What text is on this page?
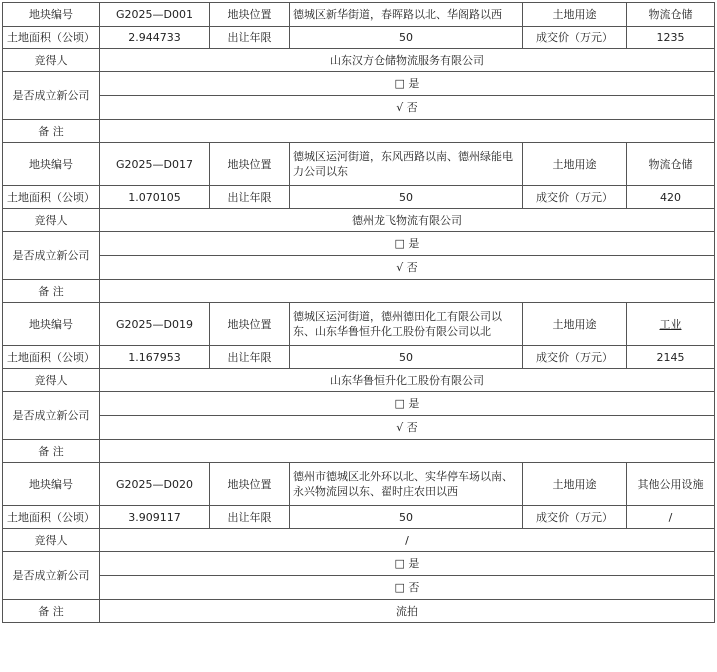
地块编号	G2025—D001	地块位置	德城区新华街道，春晖路以北、华阁路以西	土地用途	物流仓储
土地面积（公顷）	2.944733	出让年限	50	成交价（万元）	1235
竞得人	山东汉方仓储物流服务有限公司				
是否成立新公司	□ 是				
	√ 否				
备 注					
地块编号	G2025—D017	地块位置	德城区运河街道，东风西路以南、德州绿能电力公司以东	土地用途	物流仓储
土地面积（公顷）	1.070105	出让年限	50	成交价（万元）	420
竞得人	德州龙飞物流有限公司				
是否成立新公司	□ 是				
	√ 否				
备 注					
地块编号	G2025—D019	地块位置	德城区运河街道，德州德田化工有限公司以东、山东华鲁恒升化工股份有限公司以北	土地用途	工业
土地面积（公顷）	1.167953	出让年限	50	成交价（万元）	2145
竞得人	山东华鲁恒升化工股份有限公司				
是否成立新公司	□ 是				
	√ 否				
备 注					
地块编号	G2025—D020	地块位置	德州市德城区北外环以北、实华停车场以南、永兴物流园以东、翟时庄农田以西	土地用途	其他公用设施
土地面积（公顷）	3.909117	出让年限	50	成交价（万元）	/
竞得人	/				
是否成立新公司	□ 是				
	□ 否				
备 注	流拍				
